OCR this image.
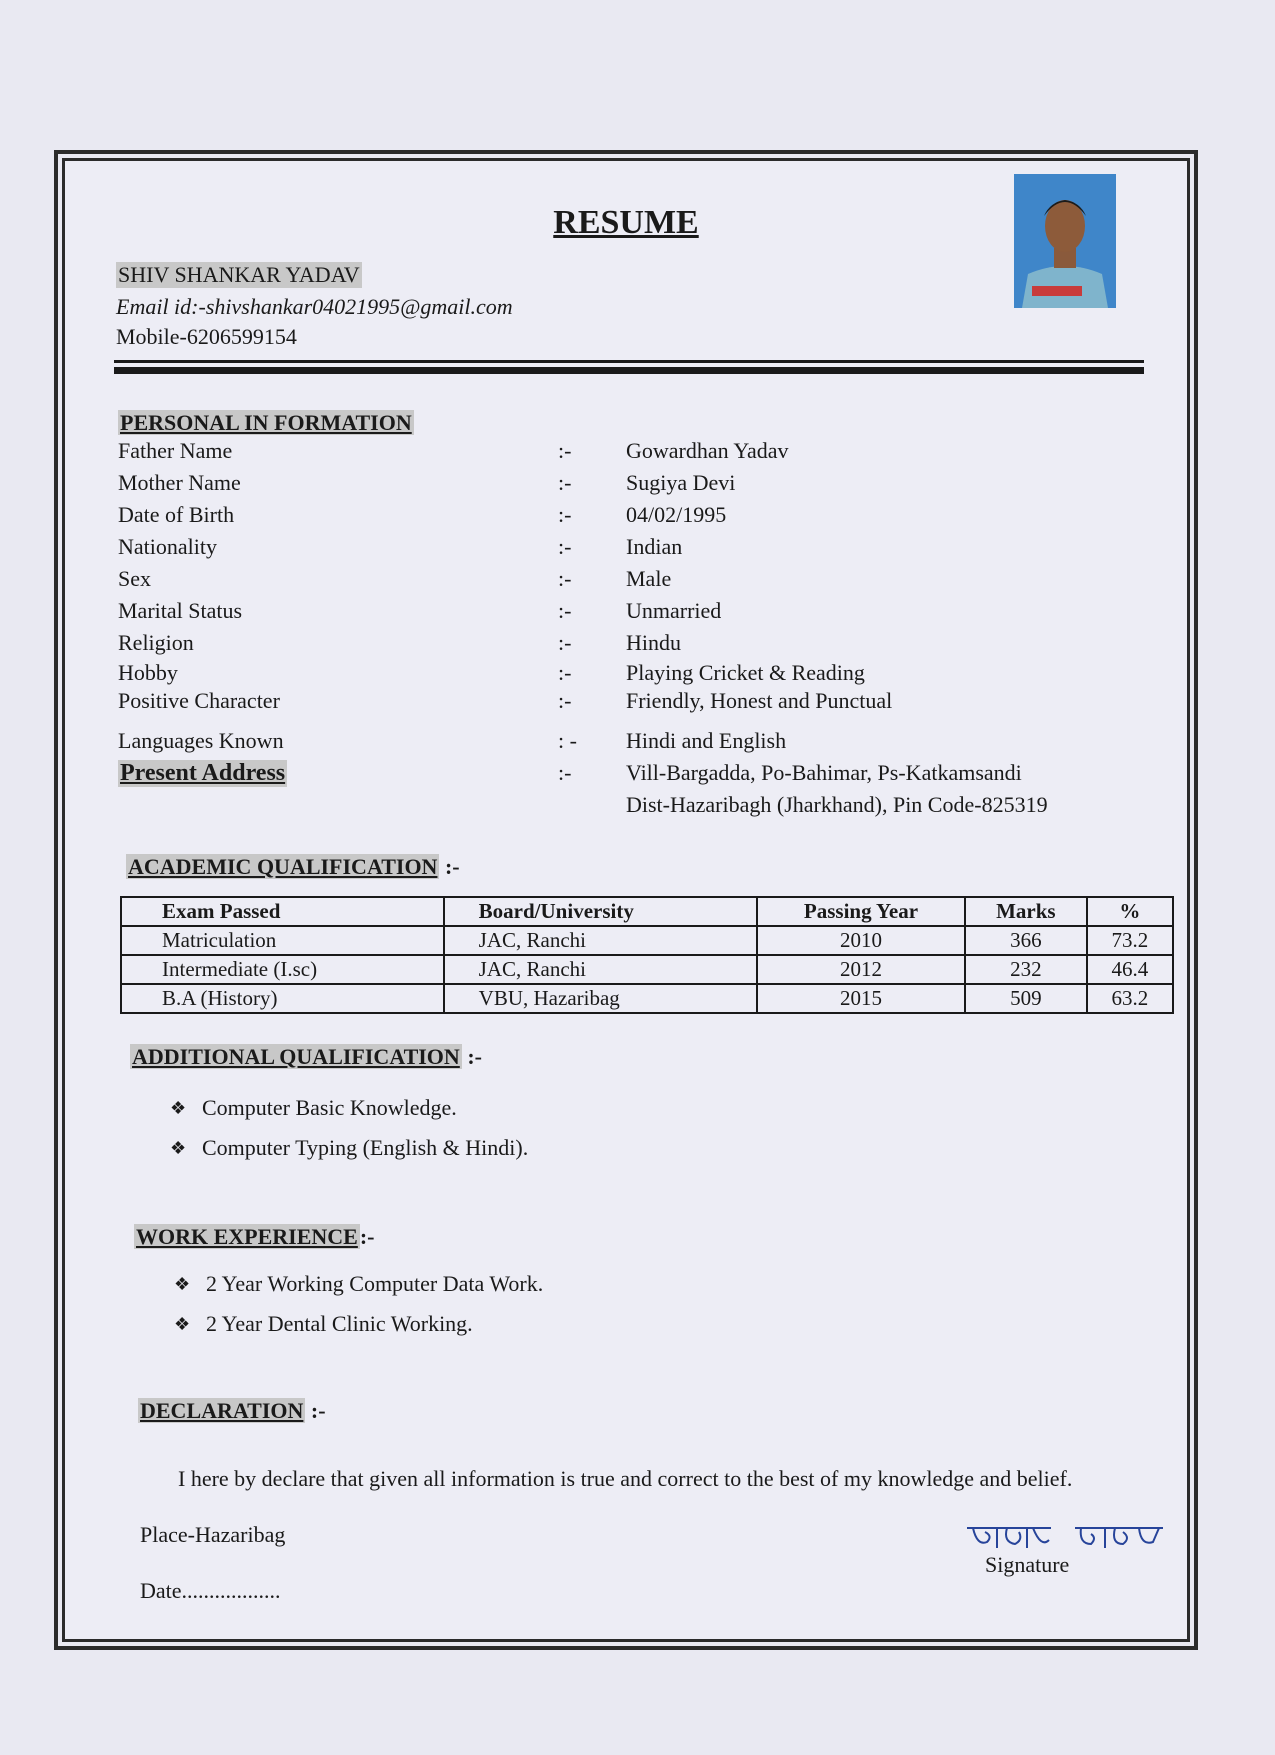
RESUME
SHIV SHANKAR YADAV
Email id:-shivshankar04021995@gmail.com
Mobile-6206599154
PERSONAL IN FORMATION
Father Name	:- Gowardhan Yadav
Mother Name	:- Sugiya Devi
Date of Birth	:- 04/02/1995
Nationality	:- Indian
Sex	:- Male
Marital Status	:- Unmarried
Religion	:- Hindu
Hobby	:- Playing Cricket & Reading
Positive Character	:- Friendly, Honest and Punctual
Languages Known	: - Hindi and English
Present Address	:- Vill-Bargadda, Po-Bahimar, Ps-Katkamsandi
Dist-Hazaribagh (Jharkhand), Pin Code-825319
ACADEMIC QUALIFICATION :-
Exam Passed	Board/University	Passing Year	Marks	%
Matriculation	JAC, Ranchi	2010	366	73.2
Intermediate (I.sc)	JAC, Ranchi	2012	232	46.4
B.A (History)	VBU, Hazaribag	2015	509	63.2
ADDITIONAL QUALIFICATION :-
❖ Computer Basic Knowledge.
❖ Computer Typing (English & Hindi).
WORK EXPERIENCE:-
❖ 2 Year Working Computer Data Work.
❖ 2 Year Dental Clinic Working.
DECLARATION :-
I here by declare that given all information is true and correct to the best of my knowledge and belief.
Place-Hazaribag
Date..................
Signature
